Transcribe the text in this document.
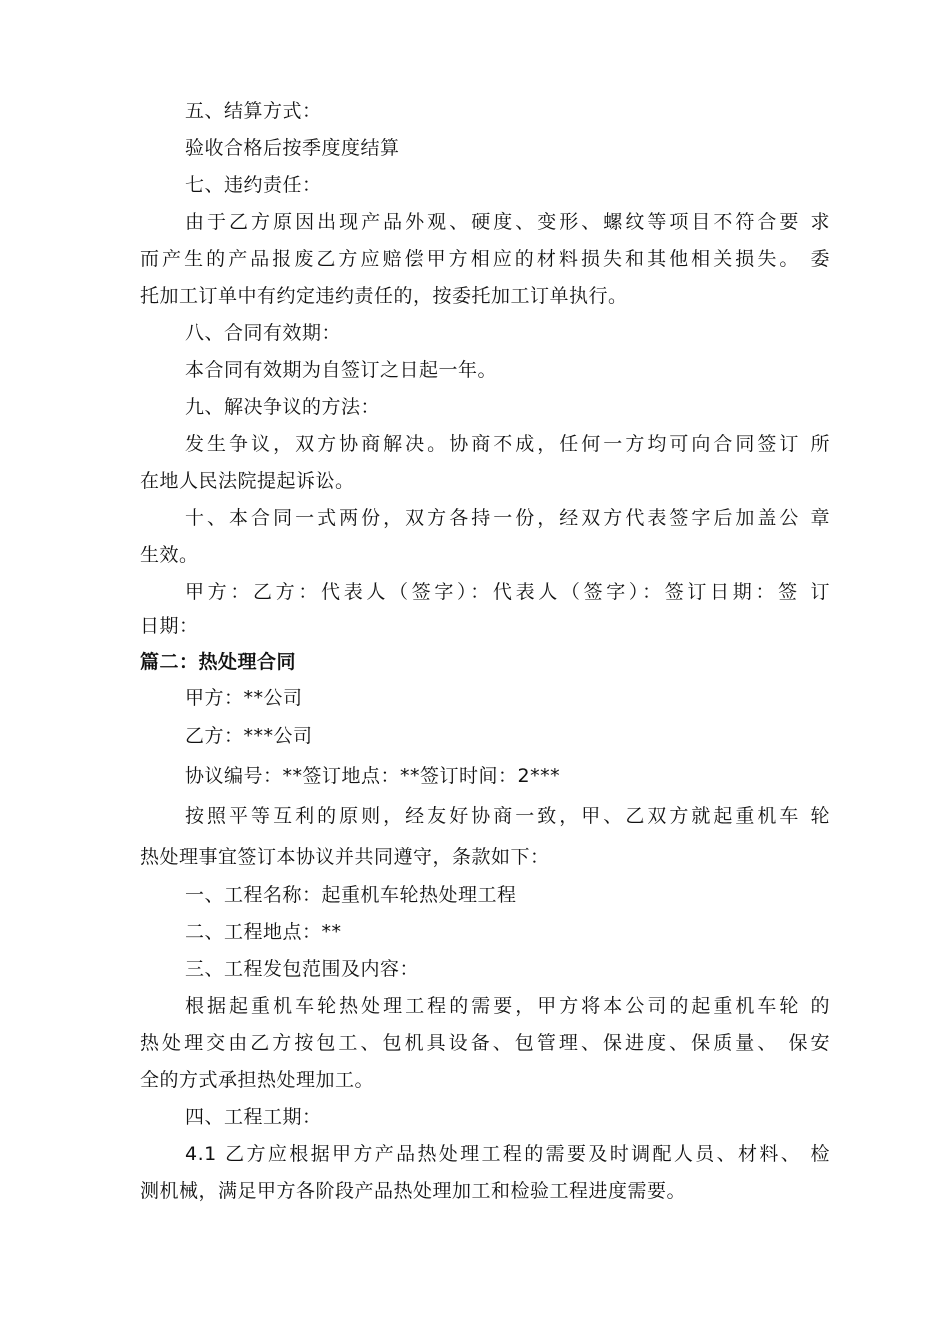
五、结算方式：
验收合格后按季度度结算
七、违约责任：
由于乙方原因出现产品外观、硬度、变形、螺纹等项目不符合要 求
而产生的产品报废乙方应赔偿甲方相应的材料损失和其他相关损失。 委
托加工订单中有约定违约责任的，按委托加工订单执行。
八、合同有效期：
本合同有效期为自签订之日起一年。
九、解决争议的方法：
发生争议，双方协商解决。协商不成，任何一方均可向合同签订 所
在地人民法院提起诉讼。
十、本合同一式两份，双方各持一份，经双方代表签字后加盖公 章
生效。
甲方：乙方：代表人（签字）：代表人（签字）：签订日期：签 订
日期：
篇二：热处理合同
甲方：**公司
乙方：***公司
协议编号：**签订地点：**签订时间：2***
按照平等互利的原则，经友好协商一致，甲、乙双方就起重机车 轮
热处理事宜签订本协议并共同遵守，条款如下：
一、工程名称：起重机车轮热处理工程
二、工程地点：**
三、工程发包范围及内容：
根据起重机车轮热处理工程的需要，甲方将本公司的起重机车轮 的
热处理交由乙方按包工、包机具设备、包管理、保进度、保质量、 保安
全的方式承担热处理加工。
四、工程工期：
4.1 乙方应根据甲方产品热处理工程的需要及时调配人员、材料、 检
测机械，满足甲方各阶段产品热处理加工和检验工程进度需要。
